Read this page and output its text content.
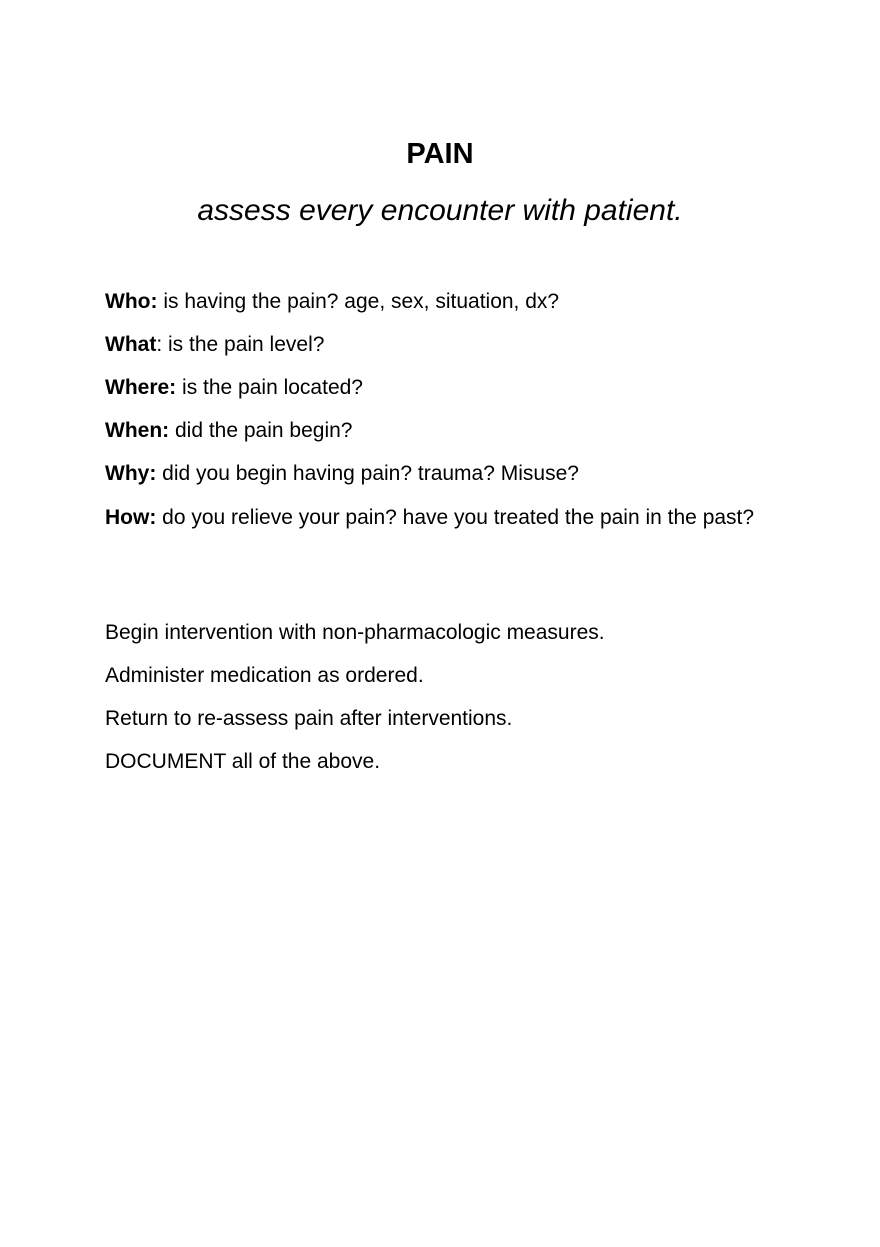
PAIN
assess every encounter with patient.

Who: is having the pain? age, sex, situation, dx?

What: is the pain level?

Where: is the pain located?

When: did the pain begin?

Why: did you begin having pain? trauma? Misuse?

How: do you relieve your pain? have you treated the pain in the past?

Begin intervention with non-pharmacologic measures.

Administer medication as ordered.

Return to re-assess pain after interventions.

DOCUMENT all of the above.
